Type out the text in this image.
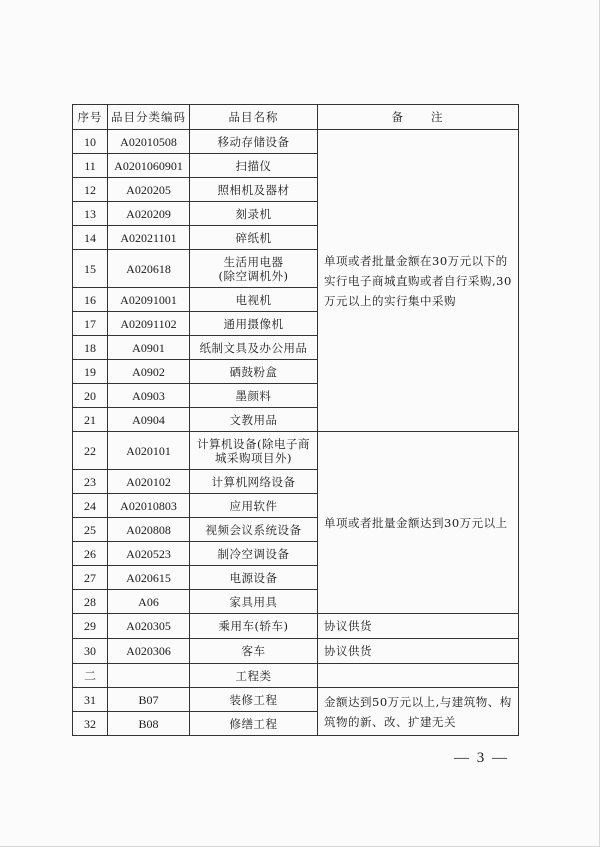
序号	品目分类编码	品目名称	备注
10	A02010508	移动存储设备	单项或者批量金额在30万元以下的实行电子商城直购或者自行采购,30万元以上的实行集中采购
11	A0201060901	扫描仪	
12	A020205	照相机及器材	
13	A020209	刻录机	
14	A02021101	碎纸机	
15	A020618	生活用电器
(除空调机外)	
16	A02091001	电视机	
17	A02091102	通用摄像机	
18	A0901	纸制文具及办公用品	
19	A0902	硒鼓粉盒	
20	A0903	墨颜料	
21	A0904	文教用品	
22	A020101	计算机设备(除电子商城采购项目外)	单项或者批量金额达到30万元以上
23	A020102	计算机网络设备	
24	A02010803	应用软件	
25	A020808	视频会议系统设备	
26	A020523	制冷空调设备	
27	A020615	电源设备	
28	A06	家具用具	
29	A020305	乘用车(轿车)	协议供货
30	A020306	客车	协议供货
二		工程类	
31	B07	装修工程	金额达到50万元以上,与建筑物、构筑物的新、改、扩建无关
32	B08	修缮工程	
— 3 —
